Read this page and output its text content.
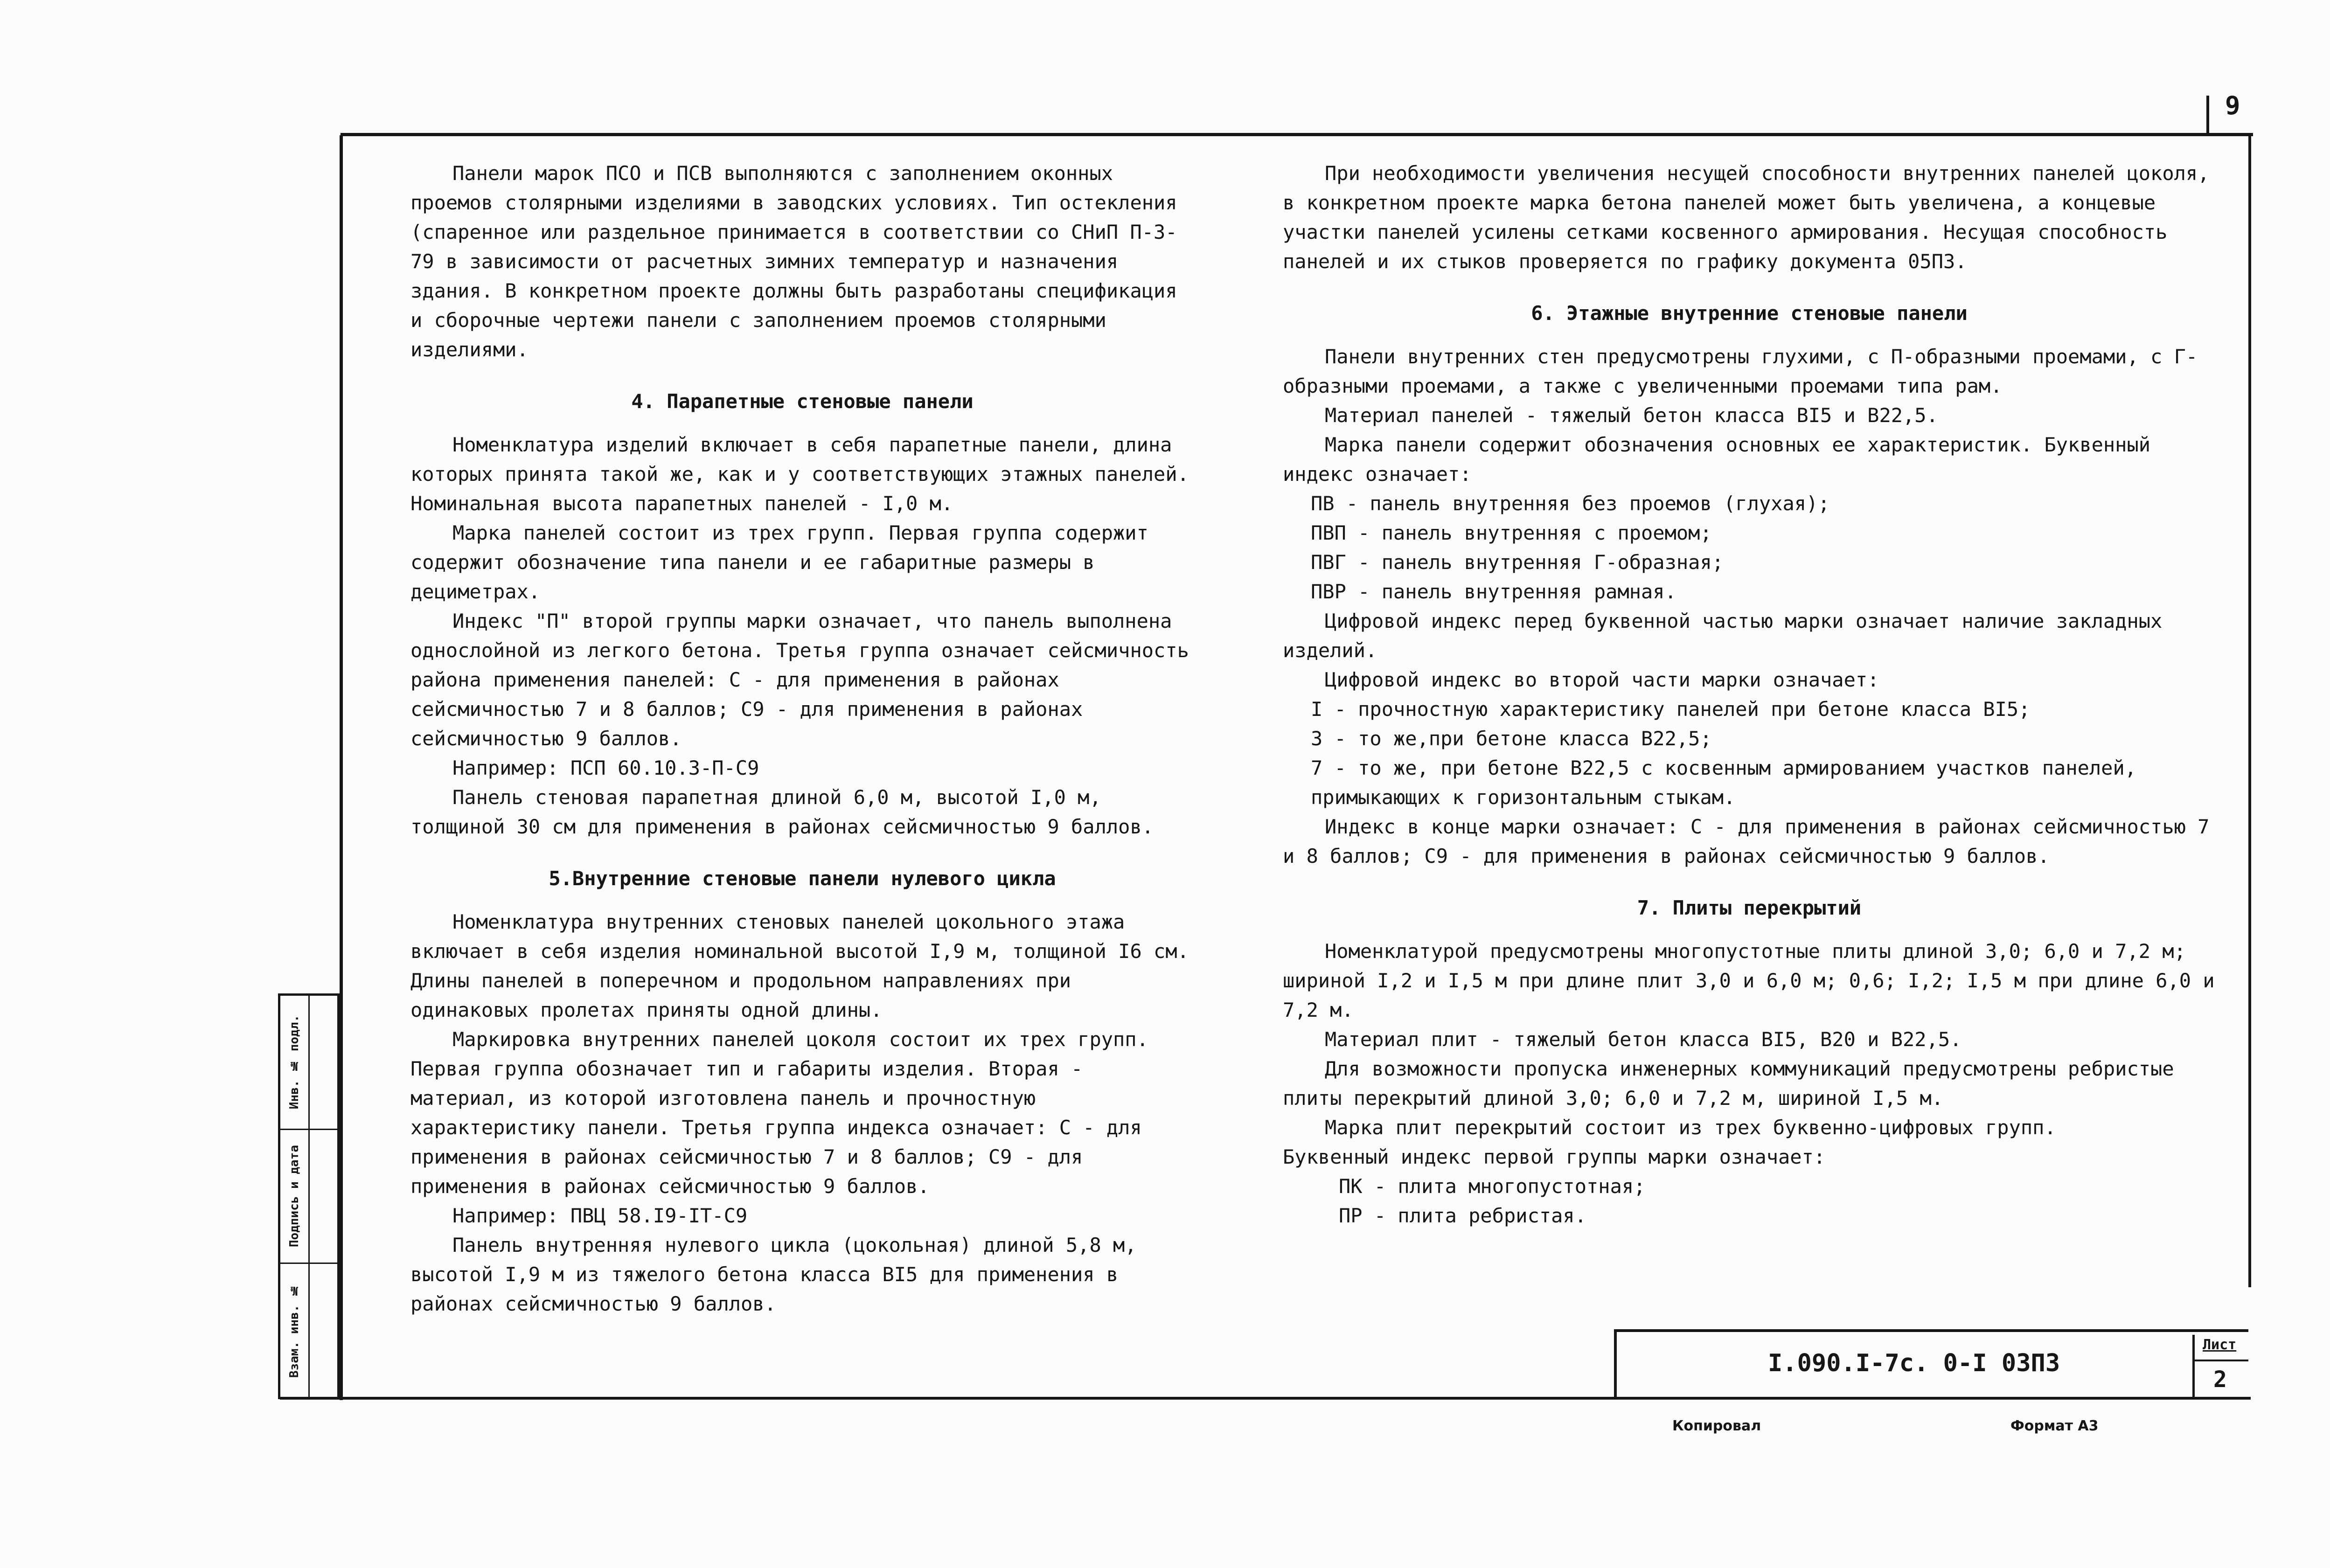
9
Инв. № подл.
Подпись и дата
Взам. инв. №

Панели марок ПСО и ПСВ выполняются с заполнением оконных проемов столярными изделиями в заводских условиях. Тип остекления (спаренное или раздельное принимается в соответствии со СНиП П-3-79 в зависимости от расчетных зимних температур и назначения здания. В конкретном проекте должны быть разработаны спецификация и сборочные чертежи панели с заполнением проемов столярными изделиями.

4. Парапетные стеновые панели

Номенклатура изделий включает в себя парапетные панели, длина которых принята такой же, как и у соответствующих этажных панелей. Номинальная высота парапетных панелей - I,0 м.

Марка панелей состоит из трех групп. Первая группа содержит содержит обозначение типа панели и ее габаритные размеры в дециметрах.

Индекс "П" второй группы марки означает, что панель выполнена однослойной из легкого бетона. Третья группа означает сейсмичность района применения панелей: С - для применения в районах сейсмичностью 7 и 8 баллов; С9 - для применения в районах сейсмичностью 9 баллов.

Например: ПСП 60.10.3-П-С9

Панель стеновая парапетная длиной 6,0 м, высотой I,0 м, толщиной 30 см для применения в районах сейсмичностью 9 баллов.

5.Внутренние стеновые панели нулевого цикла

Номенклатура внутренних стеновых панелей цокольного этажа включает в себя изделия номинальной высотой I,9 м, толщиной I6 см. Длины панелей в поперечном и продольном направлениях при одинаковых пролетах приняты одной длины.

Маркировка внутренних панелей цоколя состоит их трех групп. Первая группа обозначает тип и габариты изделия. Вторая - материал, из которой изготовлена панель и прочностную характеристику панели. Третья группа индекса означает: С - для применения в районах сейсмичностью 7 и 8 баллов; С9 - для применения в районах сейсмичностью 9 баллов.

Например: ПВЦ 58.I9-IТ-С9

Панель внутренняя нулевого цикла (цокольная) длиной 5,8 м, высотой I,9 м из тяжелого бетона класса ВI5 для применения в районах сейсмичностью 9 баллов.

При необходимости увеличения несущей способности внутренних панелей цоколя, в конкретном проекте марка бетона панелей может быть увеличена, а концевые участки панелей усилены сетками косвенного армирования. Несущая способность панелей и их стыков проверяется по графику документа 05П3.

6. Этажные внутренние стеновые панели

Панели внутренних стен предусмотрены глухими, с П-образными проемами, с Г-образными проемами, а также с увеличенными проемами типа рам.

Материал панелей - тяжелый бетон класса ВI5 и В22,5.

Марка панели содержит обозначения основных ее характеристик. Буквенный индекс означает:

ПВ - панель внутренняя без проемов (глухая);

ПВП - панель внутренняя с проемом;

ПВГ - панель внутренняя Г-образная;

ПВР - панель внутренняя рамная.

Цифровой индекс перед буквенной частью марки означает наличие закладных изделий.

Цифровой индекс во второй части марки означает:

I - прочностную характеристику панелей при бетоне класса ВI5;

3 - то же,при бетоне класса В22,5;

7 - то же, при бетоне В22,5 с косвенным армированием участков панелей, примыкающих к горизонтальным стыкам.

Индекс в конце марки означает: С - для применения в районах сейсмичностью 7 и 8 баллов; С9 - для применения в районах сейсмичностью 9 баллов.

7. Плиты перекрытий

Номенклатурой предусмотрены многопустотные плиты длиной 3,0; 6,0 и 7,2 м; шириной I,2 и I,5 м при длине плит 3,0 и 6,0 м; 0,6; I,2; I,5 м при длине 6,0 и 7,2 м.

Материал плит - тяжелый бетон класса ВI5, В20 и В22,5.

Для возможности пропуска инженерных коммуникаций предусмотрены ребристые плиты перекрытий длиной 3,0; 6,0 и 7,2 м, шириной I,5 м.

Марка плит перекрытий состоит из трех буквенно-цифровых групп.

Буквенный индекс первой группы марки означает:

ПК - плита многопустотная;

ПР - плита ребристая.

I.090.I-7с. 0-I 03П3
Лист
2
Копировал	Формат А3
